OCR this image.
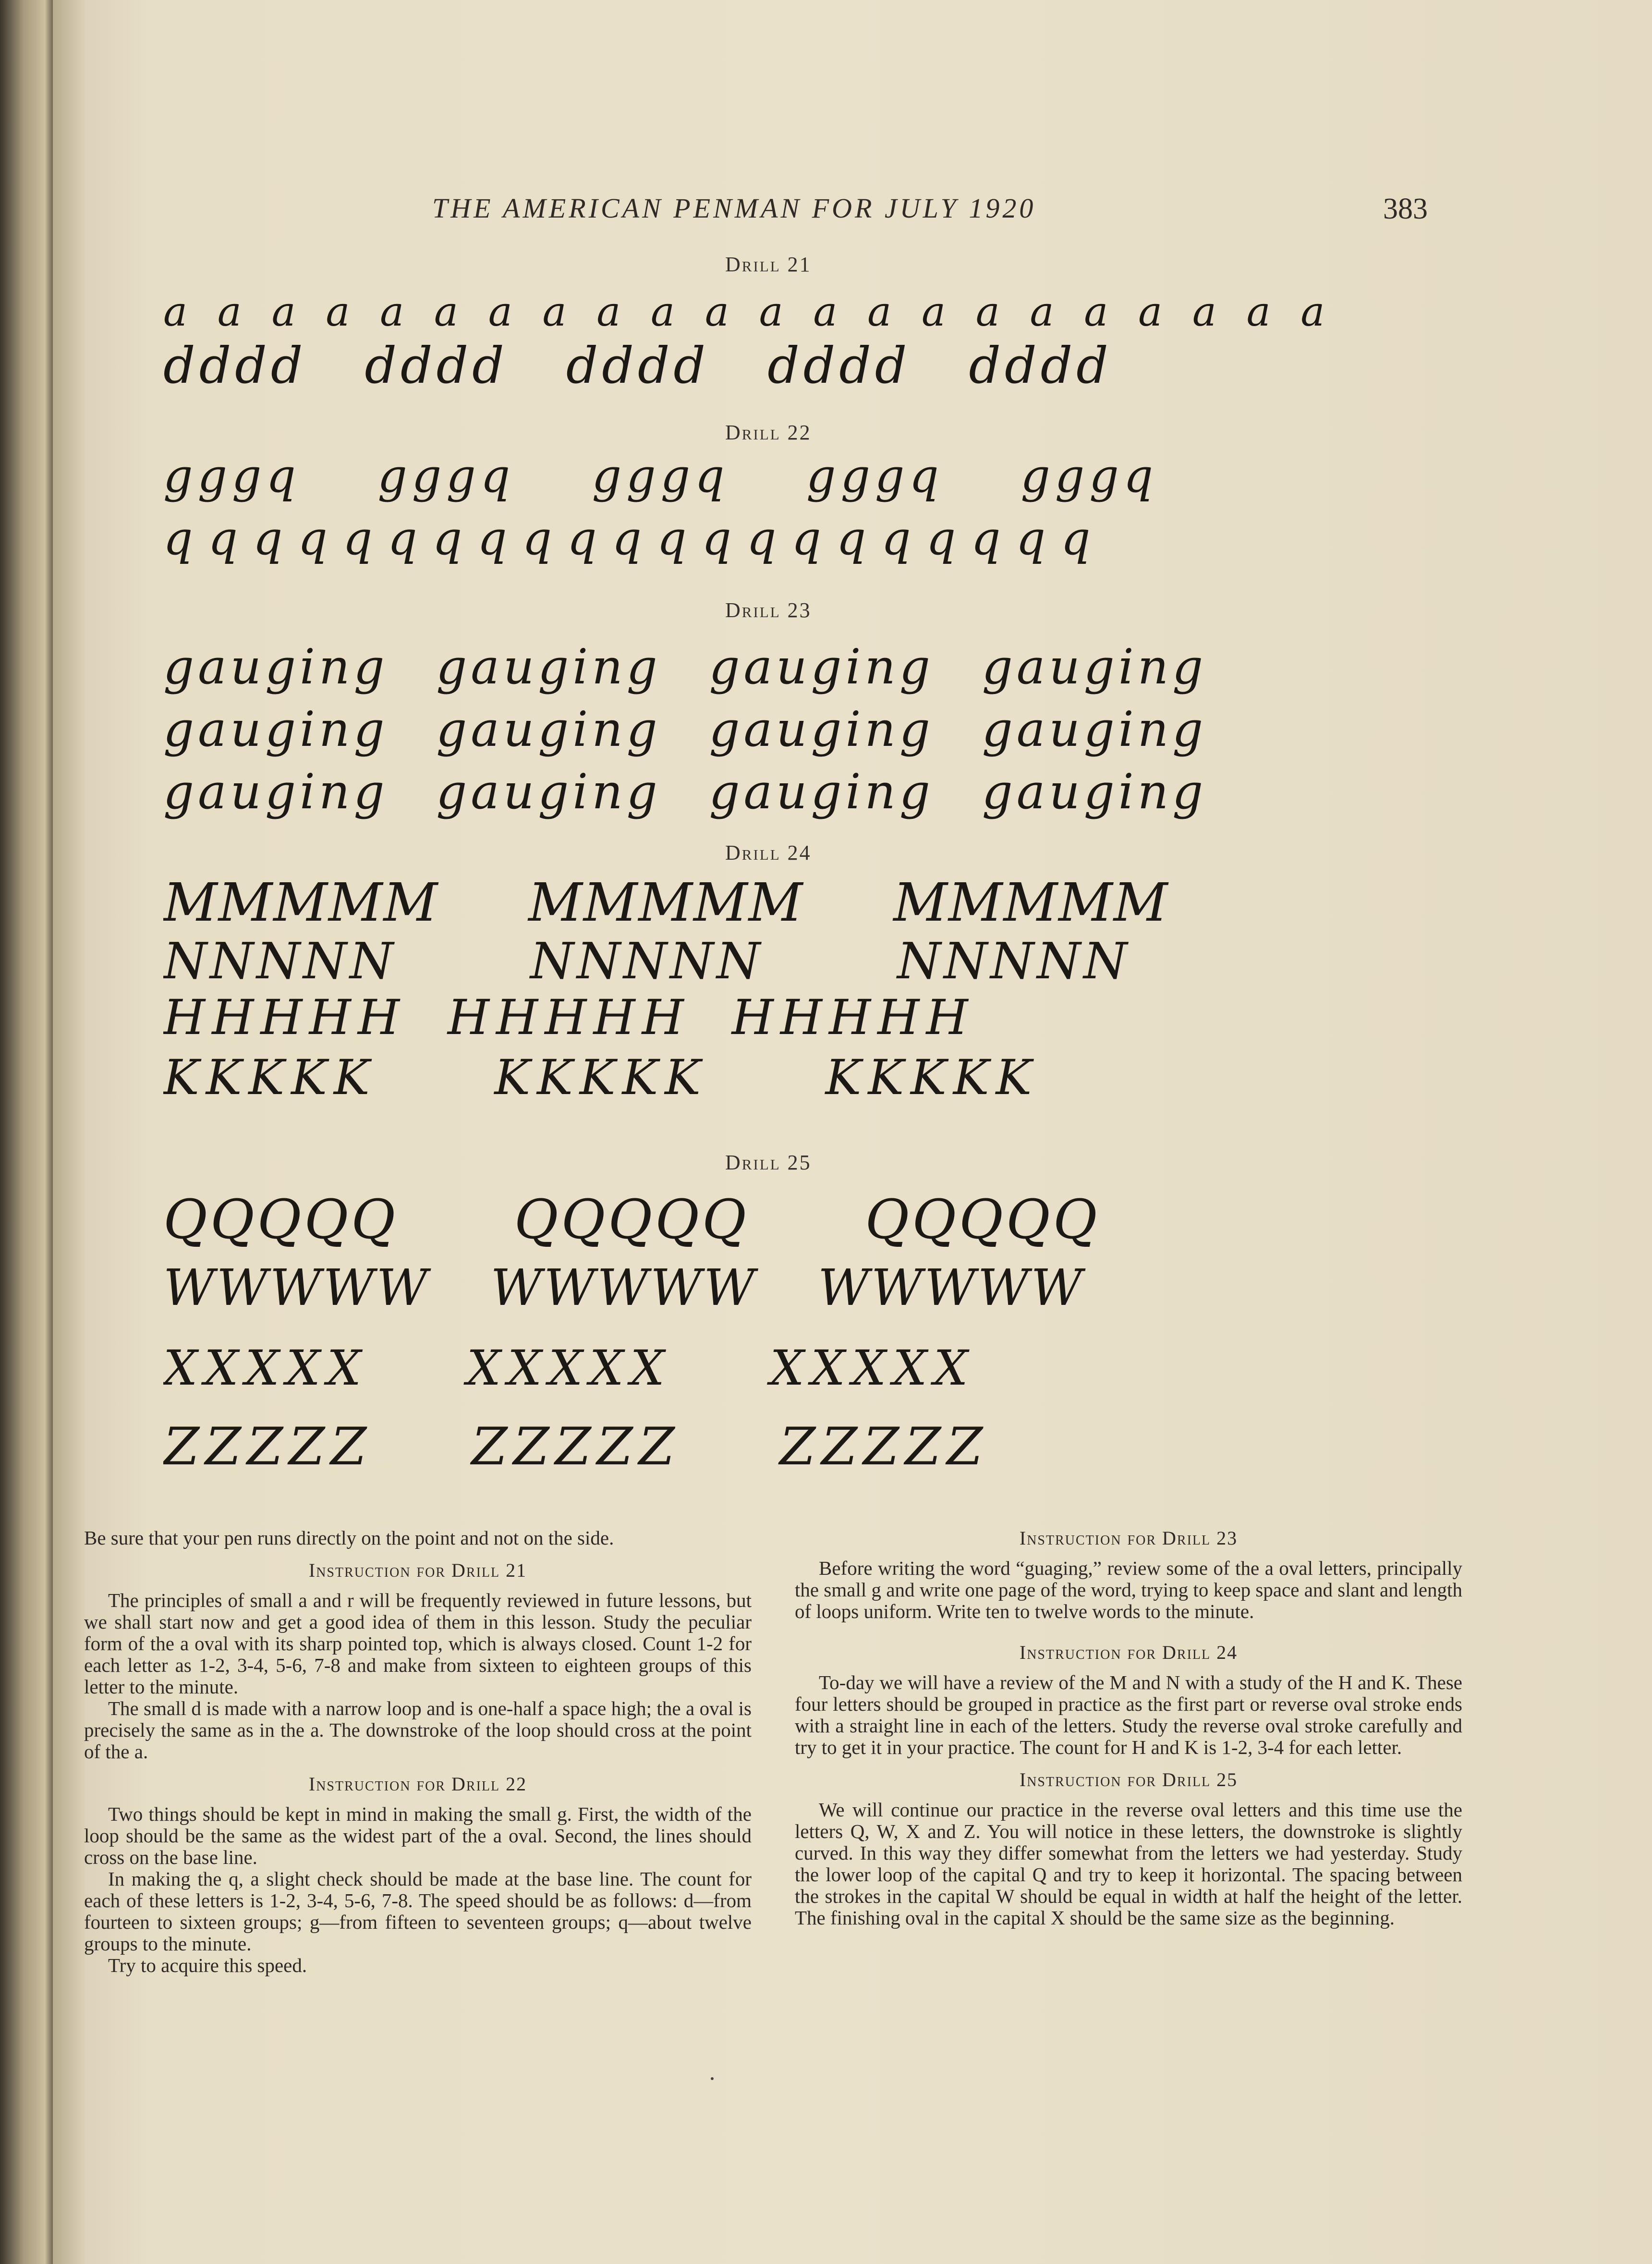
THE AMERICAN PENMAN FOR JULY 1920	383
Drill 21
a a a a a a a a a a a a a a a a a a a a a a
dddd dddd dddd dddd dddd
Drill 22
gggq gggq gggq gggq gggq
qqqqqqqqqqqqqqqqqqqqq
Drill 23
gauging gauging gauging gauging
gauging gauging gauging gauging
gauging gauging gauging gauging
Drill 24
MMMMM MMMMM MMMMM
NNNNN NNNNN NNNNN
HHHHH HHHHH HHHHH
KKKKK KKKKK KKKKK
Drill 25
QQQQQ QQQQQ QQQQQ
WWWWW WWWWW WWWWW
XXXXX XXXXX XXXXX
ZZZZZ ZZZZZ ZZZZZ

Be sure that your pen runs directly on the point and not on the side.

Instruction for Drill 21

The principles of small a and r will be frequently reviewed in future lessons, but we shall start now and get a good idea of them in this lesson. Study the peculiar form of the a oval with its sharp pointed top, which is always closed. Count 1-2 for each letter as 1-2, 3-4, 5-6, 7-8 and make from sixteen to eighteen groups of this letter to the minute.

The small d is made with a narrow loop and is one-half a space high; the a oval is precisely the same as in the a. The downstroke of the loop should cross at the point of the a.

Instruction for Drill 22

Two things should be kept in mind in making the small g. First, the width of the loop should be the same as the widest part of the a oval. Second, the lines should cross on the base line.

In making the q, a slight check should be made at the base line. The count for each of these letters is 1-2, 3-4, 5-6, 7-8. The speed should be as follows: d—from fourteen to sixteen groups; g—from fifteen to seventeen groups; q—about twelve groups to the minute.

Try to acquire this speed.

Instruction for Drill 23

Before writing the word “guaging,” review some of the a oval letters, principally the small g and write one page of the word, trying to keep space and slant and length of loops uniform. Write ten to twelve words to the minute.

Instruction for Drill 24

To-day we will have a review of the M and N with a study of the H and K. These four letters should be grouped in practice as the first part or reverse oval stroke ends with a straight line in each of the letters. Study the reverse oval stroke carefully and try to get it in your practice. The count for H and K is 1-2, 3-4 for each letter.

Instruction for Drill 25

We will continue our practice in the reverse oval letters and this time use the letters Q, W, X and Z. You will notice in these letters, the downstroke is slightly curved. In this way they differ somewhat from the letters we had yesterday. Study the lower loop of the capital Q and try to keep it horizontal. The spacing between the strokes in the capital W should be equal in width at half the height of the letter. The finishing oval in the capital X should be the same size as the beginning.
